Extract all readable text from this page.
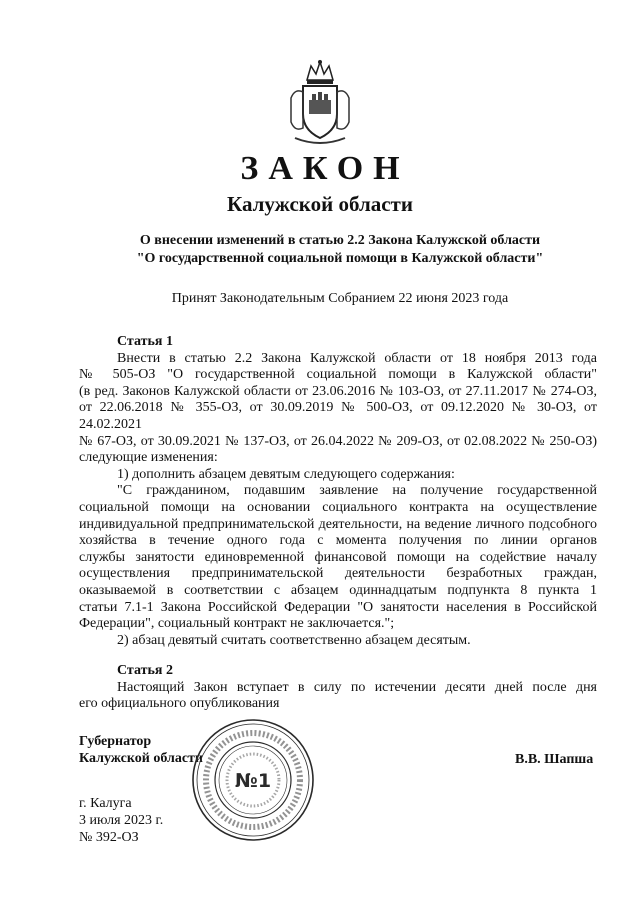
ЗАКОН
Калужской области
О внесении изменений в статью 2.2 Закона Калужской области
"О государственной социальной помощи в Калужской области"
Принят Законодательным Собранием 22 июня 2023 года

Статья 1

Внести в статью 2.2 Закона Калужской области от 18 ноября 2013 года

№ 505-ОЗ "О государственной социальной помощи в Калужской области"

(в ред. Законов Калужской области от 23.06.2016 № 103-ОЗ, от 27.11.2017 № 274-ОЗ,

от 22.06.2018 № 355-ОЗ, от 30.09.2019 № 500-ОЗ, от 09.12.2020 № 30-ОЗ, от 24.02.2021

№ 67-ОЗ, от 30.09.2021 № 137-ОЗ, от 26.04.2022 № 209-ОЗ, от 02.08.2022 № 250-ОЗ)

следующие изменения:

1) дополнить абзацем девятым следующего содержания:

"С гражданином, подавшим заявление на получение государственной

социальной помощи на основании социального контракта на осуществление

индивидуальной предпринимательской деятельности, на ведение личного подсобного

хозяйства в течение одного года с момента получения по линии органов

службы занятости единовременной финансовой помощи на содействие началу

осуществления предпринимательской деятельности безработных граждан,

оказываемой в соответствии с абзацем одиннадцатым подпункта 8 пункта 1

статьи 7.1-1 Закона Российской Федерации "О занятости населения в Российской

Федерации", социальный контракт не заключается.";

2) абзац девятый считать соответственно абзацем десятым.

Статья 2

Настоящий Закон вступает в силу по истечении десяти дней после дня

его официального опубликования

Губернатор
Калужской области
№1
В.В. Шапша
г. Калуга
3 июля 2023 г.
№ 392-ОЗ
